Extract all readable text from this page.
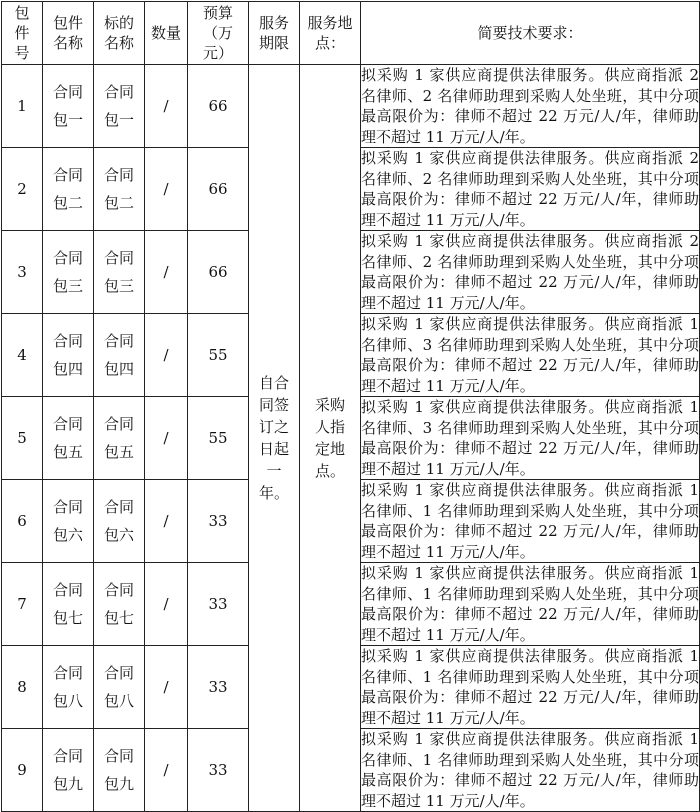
包件号	包件名称	标的名称	数量	预算（万元）	服务期限	服务地点：	简要技术要求：
1	合同包一	合同包一	/	66	自合同签订之日起一年。	采购人指定地点。	拟采购 1 家供应商提供法律服务。供应商指派 2 名律师、2 名律师助理到采购人处坐班，其中分项最高限价为：律师不超过 22 万元/人/年，律师助理不超过 11 万元/人/年。
2	合同包二	合同包二	/	66			拟采购 1 家供应商提供法律服务。供应商指派 2 名律师、2 名律师助理到采购人处坐班，其中分项最高限价为：律师不超过 22 万元/人/年，律师助理不超过 11 万元/人/年。
3	合同包三	合同包三	/	66			拟采购 1 家供应商提供法律服务。供应商指派 2 名律师、2 名律师助理到采购人处坐班，其中分项最高限价为：律师不超过 22 万元/人/年，律师助理不超过 11 万元/人/年。
4	合同包四	合同包四	/	55			拟采购 1 家供应商提供法律服务。供应商指派 1 名律师、3 名律师助理到采购人处坐班，其中分项最高限价为：律师不超过 22 万元/人/年，律师助理不超过 11 万元/人/年。
5	合同包五	合同包五	/	55			拟采购 1 家供应商提供法律服务。供应商指派 1 名律师、3 名律师助理到采购人处坐班，其中分项最高限价为：律师不超过 22 万元/人/年，律师助理不超过 11 万元/人/年。
6	合同包六	合同包六	/	33			拟采购 1 家供应商提供法律服务。供应商指派 1 名律师、1 名律师助理到采购人处坐班，其中分项最高限价为：律师不超过 22 万元/人/年，律师助理不超过 11 万元/人/年。
7	合同包七	合同包七	/	33			拟采购 1 家供应商提供法律服务。供应商指派 1 名律师、1 名律师助理到采购人处坐班，其中分项最高限价为：律师不超过 22 万元/人/年，律师助理不超过 11 万元/人/年。
8	合同包八	合同包八	/	33			拟采购 1 家供应商提供法律服务。供应商指派 1 名律师、1 名律师助理到采购人处坐班，其中分项最高限价为：律师不超过 22 万元/人/年，律师助理不超过 11 万元/人/年。
9	合同包九	合同包九	/	33			拟采购 1 家供应商提供法律服务。供应商指派 1 名律师、1 名律师助理到采购人处坐班，其中分项最高限价为：律师不超过 22 万元/人/年，律师助理不超过 11 万元/人/年。
